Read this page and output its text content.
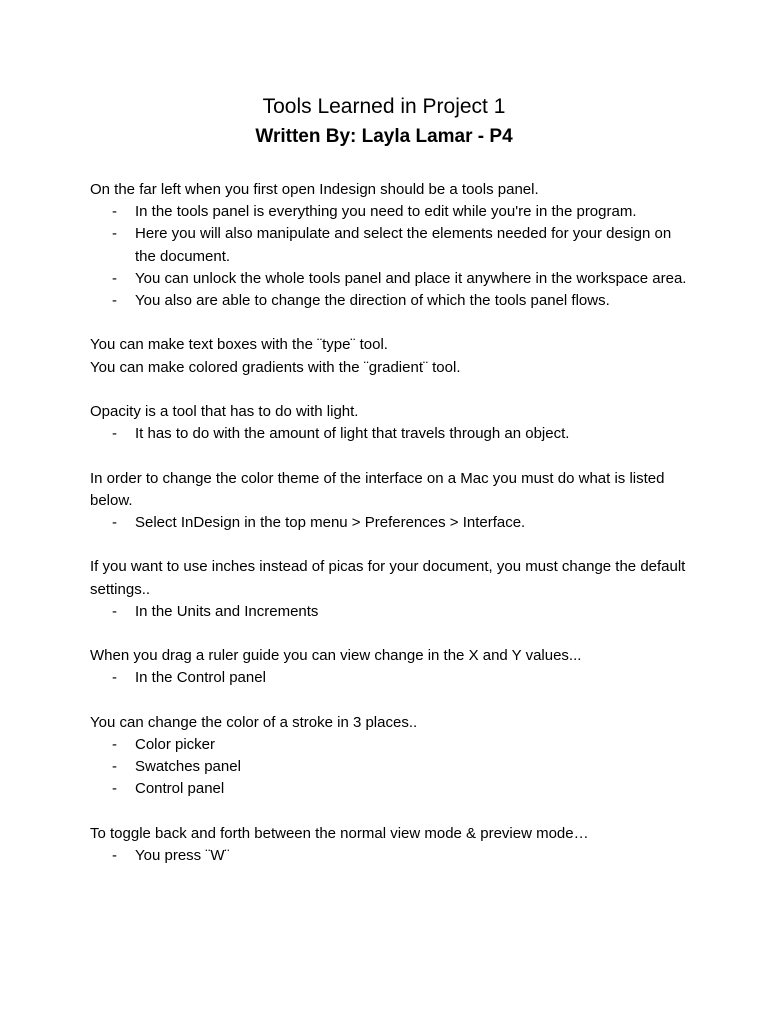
Tools Learned in Project 1
Written By: Layla Lamar - P4

On the far left when you first open Indesign should be a tools panel.

- In the tools panel is everything you need to edit while you're in the program.
- Here you will also manipulate and select the elements needed for your design on the document.
- You can unlock the whole tools panel and place it anywhere in the workspace area.
- You also are able to change the direction of which the tools panel flows.

You can make text boxes with the ¨type¨ tool.

You can make colored gradients with the ¨gradient¨ tool.

Opacity is a tool that has to do with light.

- It has to do with the amount of light that travels through an object.

In order to change the color theme of the interface on a Mac you must do what is listed below.

- Select InDesign in the top menu > Preferences > Interface.

If you want to use inches instead of picas for your document, you must change the default settings..

- In the Units and Increments

When you drag a ruler guide you can view change in the X and Y values...

- In the Control panel

You can change the color of a stroke in 3 places..

- Color picker
- Swatches panel
- Control panel

To toggle back and forth between the normal view mode & preview mode…

- You press ¨W¨
